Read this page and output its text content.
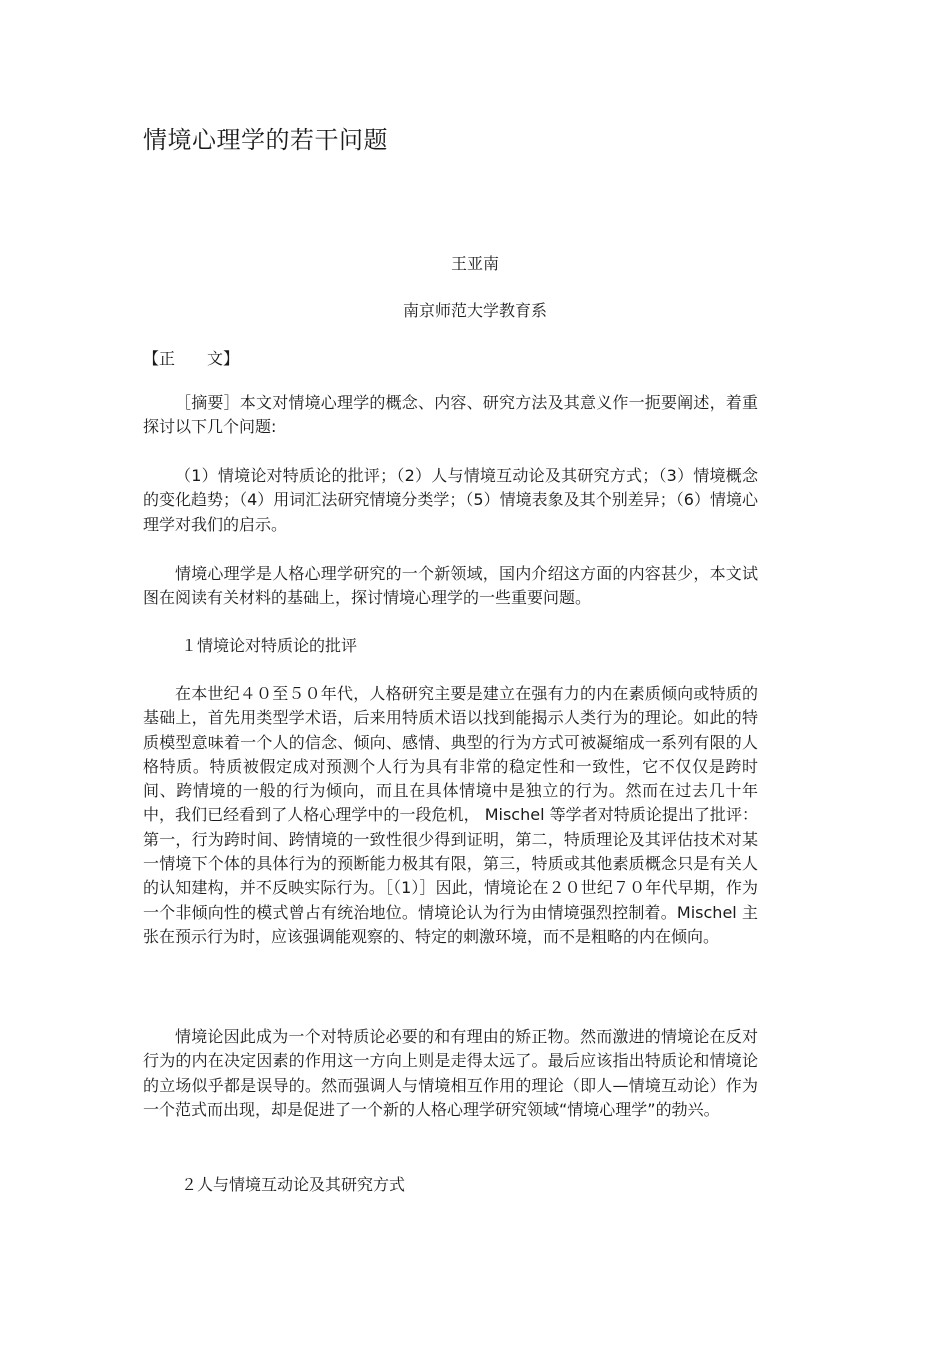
情境心理学的若干问题
王亚南
南京师范大学教育系
【正　　文】

［摘要］本文对情境心理学的概念、内容、研究方法及其意义作一扼要阐述，着重探讨以下几个问题:

（1）情境论对特质论的批评；（2）人与情境互动论及其研究方式；（3）情境概念的变化趋势；（4）用词汇法研究情境分类学；（5）情境表象及其个别差异；（6）情境心理学对我们的启示。

情境心理学是人格心理学研究的一个新领域，国内介绍这方面的内容甚少，本文试图在阅读有关材料的基础上，探讨情境心理学的一些重要问题。

１情境论对特质论的批评

在本世纪４０至５０年代，人格研究主要是建立在强有力的内在素质倾向或特质的基础上，首先用类型学术语，后来用特质术语以找到能揭示人类行为的理论。如此的特质模型意味着一个人的信念、倾向、感情、典型的行为方式可被凝缩成一系列有限的人格特质。特质被假定成对预测个人行为具有非常的稳定性和一致性，它不仅仅是跨时间、跨情境的一般的行为倾向，而且在具体情境中是独立的行为。然而在过去几十年中，我们已经看到了人格心理学中的一段危机， Mischel 等学者对特质论提出了批评：第一，行为跨时间、跨情境的一致性很少得到证明，第二，特质理论及其评估技术对某一情境下个体的具体行为的预断能力极其有限，第三，特质或其他素质概念只是有关人的认知建构，并不反映实际行为。［（1）］因此，情境论在２０世纪７０年代早期，作为一个非倾向性的模式曾占有统治地位。情境论认为行为由情境强烈控制着。Mischel 主张在预示行为时，应该强调能观察的、特定的刺激环境，而不是粗略的内在倾向。

情境论因此成为一个对特质论必要的和有理由的矫正物。然而激进的情境论在反对行为的内在决定因素的作用这一方向上则是走得太远了。最后应该指出特质论和情境论的立场似乎都是误导的。然而强调人与情境相互作用的理论（即人—情境互动论）作为一个范式而出现，却是促进了一个新的人格心理学研究领域“情境心理学”的勃兴。

２人与情境互动论及其研究方式
